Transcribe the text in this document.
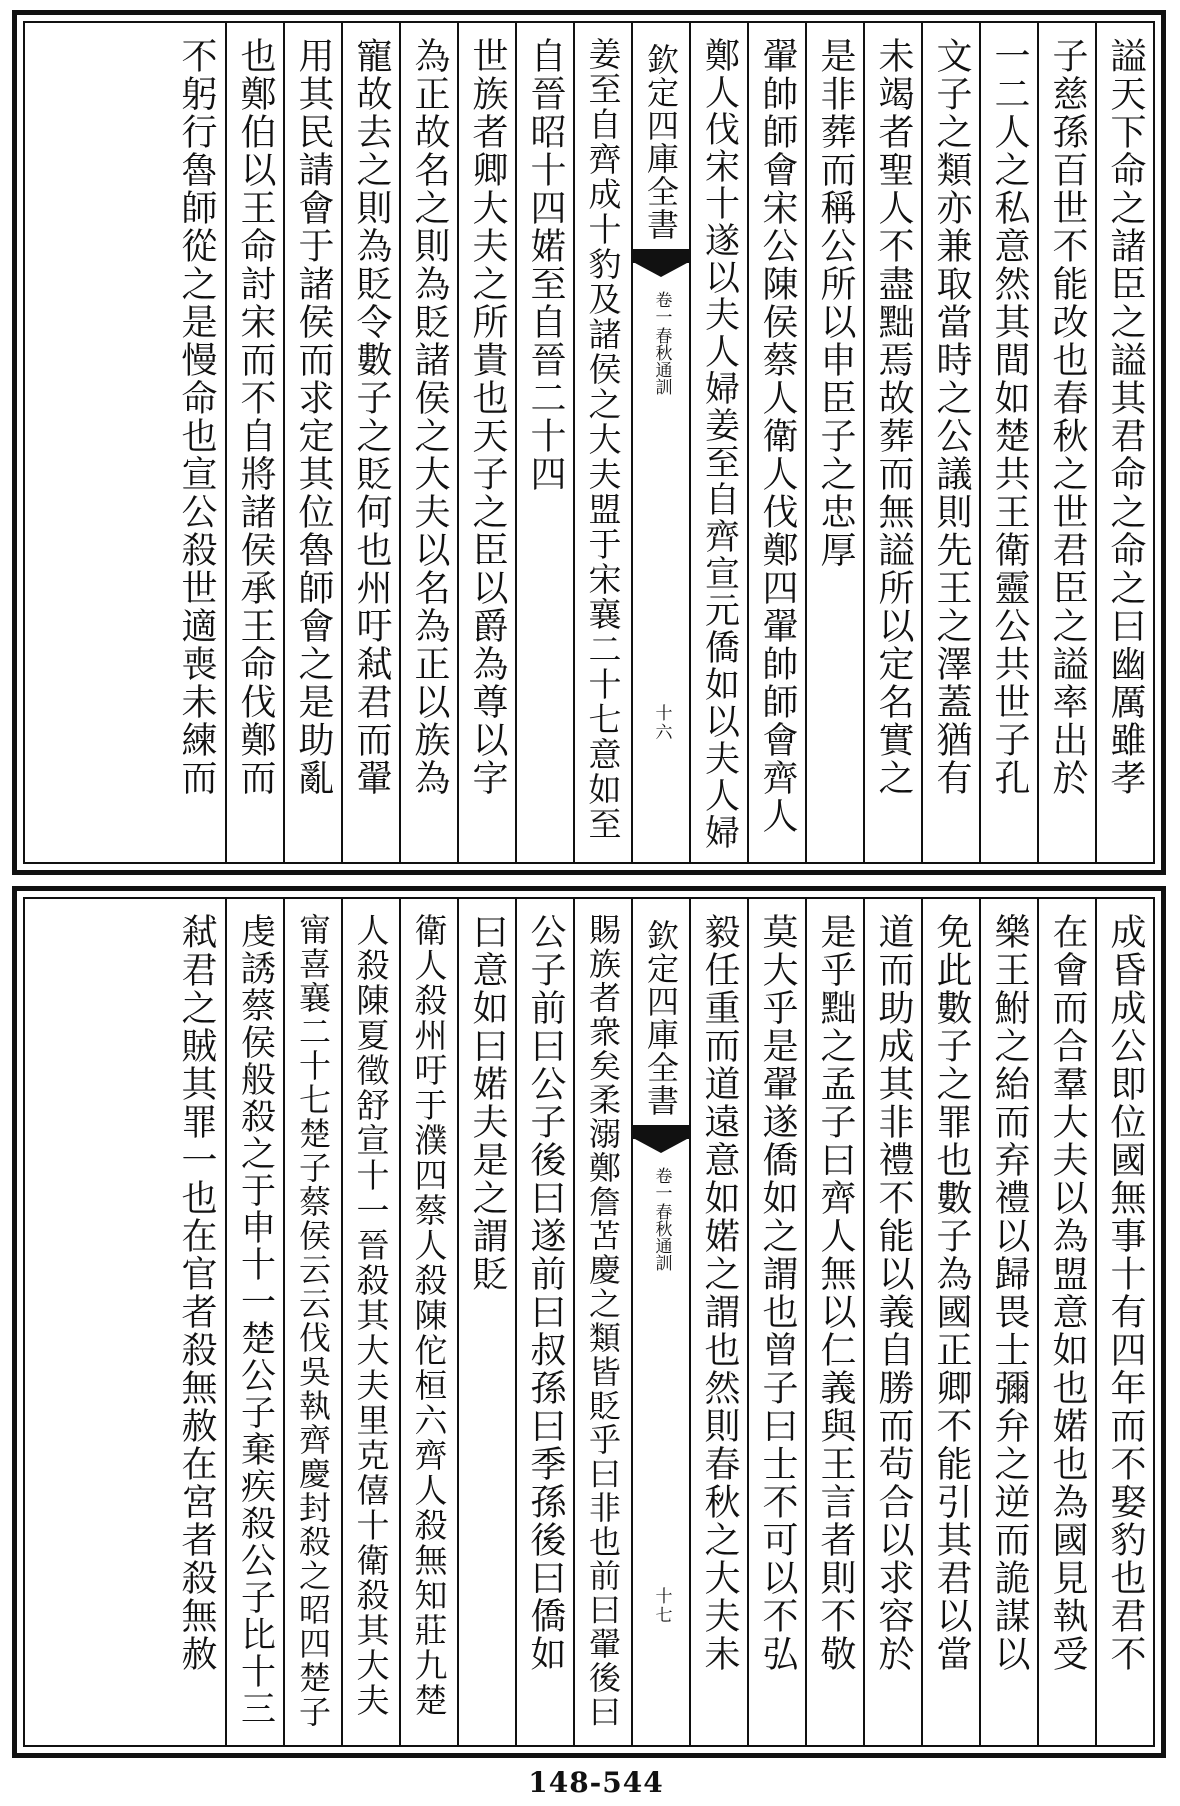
謚天下命之諸臣之謚其君命之命之曰幽厲雖孝
子慈孫百世不能改也春秋之世君臣之謚率出於
一二人之私意然其間如楚共王衛靈公共世子孔
文子之類亦兼取當時之公議則先王之澤蓋猶有
未竭者聖人不盡黜焉故葬而無謚所以定名實之
是非葬而稱公所以申臣子之忠厚
翬帥師會宋公陳侯蔡人衛人伐鄭四翬帥師會齊人
鄭人伐宋十遂以夫人婦姜至自齊宣元僑如以夫人婦
欽定四庫全書
春秋通訓
卷一
十六
姜至自齊成十豹及諸侯之大夫盟于宋襄二十七意如至
自晉昭十四婼至自晉二十四
世族者卿大夫之所貴也天子之臣以爵為尊以字
為正故名之則為貶諸侯之大夫以名為正以族為
寵故去之則為貶令數子之貶何也州吁弒君而翬
用其民請會于諸侯而求定其位魯師會之是助亂
也鄭伯以王命討宋而不自將諸侯承王命伐鄭而
不躬行魯師從之是慢命也宣公殺世適喪未練而
成昏成公即位國無事十有四年而不娶豹也君不
在會而合羣大夫以為盟意如也婼也為國見執受
樂王鮒之紿而弃禮以歸畏士彌弁之逆而詭謀以
免此數子之罪也數子為國正卿不能引其君以當
道而助成其非禮不能以義自勝而茍合以求容於
是乎黜之孟子曰齊人無以仁義與王言者則不敬
莫大乎是翬遂僑如之謂也曾子曰士不可以不弘
毅任重而道遠意如婼之謂也然則春秋之大夫未
欽定四庫全書
春秋通訓
卷一
十七
賜族者衆矣柔溺鄭詹苫慶之類皆貶乎曰非也前曰翬後曰
公子前曰公子後曰遂前曰叔孫曰季孫後曰僑如
曰意如曰婼夫是之謂貶
衛人殺州吁于濮四蔡人殺陳佗桓六齊人殺無知莊九楚
人殺陳夏徵舒宣十一晉殺其大夫里克僖十衛殺其大夫
甯喜襄二十七楚子蔡侯云云伐吳執齊慶封殺之昭四楚子
虔誘蔡侯般殺之于申十一楚公子棄疾殺公子比十三
弒君之賊其罪一也在官者殺無赦在宮者殺無赦
148-544
